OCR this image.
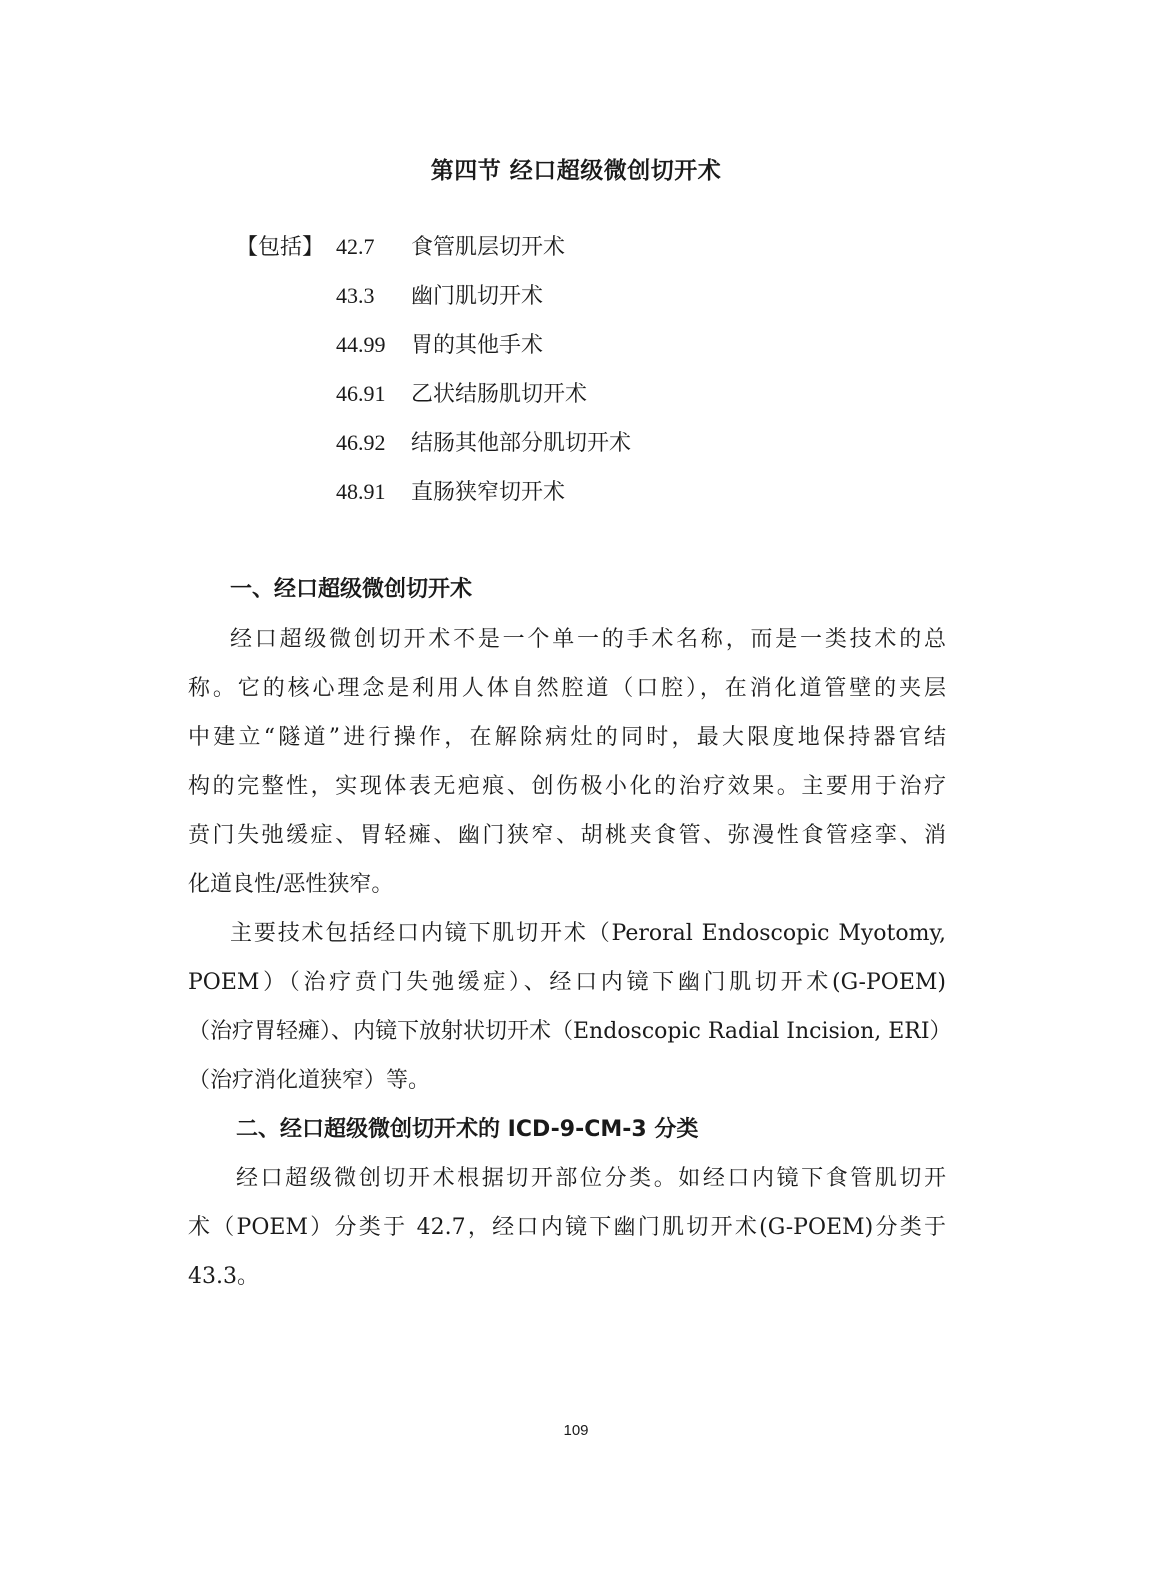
第四节 经口超级微创切开术
【包括】 42.7 食管肌层切开术
43.3 幽门肌切开术
44.99 胃的其他手术
46.91 乙状结肠肌切开术
46.92 结肠其他部分肌切开术
48.91 直肠狭窄切开术
一、经口超级微创切开术
经口超级微创切开术不是一个单一的手术名称，而是一类技术的总
称。它的核心理念是利用人体自然腔道（口腔），在消化道管壁的夹层
中建立“隧道”进行操作，在解除病灶的同时，最大限度地保持器官结
构的完整性，实现体表无疤痕、创伤极小化的治疗效果。主要用于治疗
贲门失弛缓症、胃轻瘫、幽门狭窄、胡桃夹食管、弥漫性食管痉挛、消
化道良性/恶性狭窄。
主要技术包括经口内镜下肌切开术（Peroral Endoscopic Myotomy,
POEM）（治疗贲门失弛缓症）、经口内镜下幽门肌切开术(G-POEM)
（治疗胃轻瘫）、内镜下放射状切开术（Endoscopic Radial Incision, ERI）
（治疗消化道狭窄）等。
二、经口超级微创切开术的 ICD-9-CM-3 分类
经口超级微创切开术根据切开部位分类。如经口内镜下食管肌切开
术（POEM）分类于 42.7，经口内镜下幽门肌切开术(G-POEM)分类于
43.3。
109
